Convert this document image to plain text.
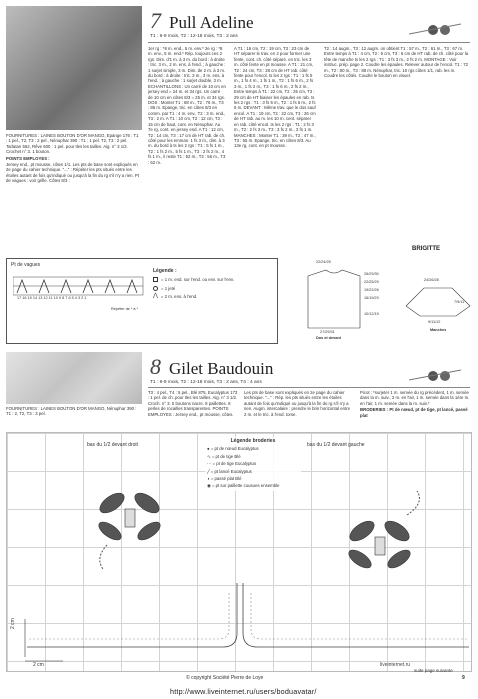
7 Pull Adeline
T1 : 6-9 mois, T2 : 12-18 mois, T3 : 2 ans

FOURNITURES : LAINES BOUTON D'OR MANGO, Epange 176 : T1 : 1 pel., T2, T3 : 2 pel., Nénuphar 390 : T1 : 1 pel. T2, T3 : 2 pel. Tarlatan 562, Rêve 500 : 1 pel. pour tles les tailles. Aig. n° 3 1/2. Crochet n° 3. 1 bouton.

POINTS EMPLOYES :

Jersey end., pt mousse, côtes 1/1. Les pts de base sont expliqués en 2e page du cahier technique. "..." : Répéter les pts situés entre les étoiles autant de fois qu'indiqué ou jusqu'à la fin du rg s'il n'y a rien. Pt de vagues : voir grille. Côtes 8/3 :

1er rg : *8 m. end., 5 m. env.* 2e rg : *8 m. env., 5 m. end.* Rép. toujours ces 2 rgs. Dim. d'1 m. à 3 m. du bord : à droite : tric. 3 m., 2 m. ens. à l'end. ; à gauche : 1 surjet simple, 3 m. Dim. de 2 m. à 3 m. du bord : à droite : tric. 3 m., 3 m. ens. à l'end. ; à gauche : 1 surjet double, 3 m. ECHANTILLONS : Un carré de 10 cm en jersey end = 24 m. et 34 rgs. Un carré de 10 cm en côtes 8/3 = 25 m. et 34 rgs. DOS : Monter T1 : 68 m., T2 : 76 m., T3 : 86 m. Epange, tric. en côtes 8/3 en comm. par T1 : 4 m. env., T2 : 3 m. end., T3 : 2 m. A T1 : 10 cm, T2 : 12 cm, T3 : 15 cm de haut, cont. en Nénuphar. Au 7e rg, cont. en jersey end. A T1 : 12 cm, T2 : 14 cm, T3 : 17 cm de HT rab. de ch. côté pour les emman. 1 fs 3 m., dim. à 3 m. du bord à ts les 2 rgs : T1 : 5 fs 1 m., T2 : 1 fs 2 m., 5 fs 1 m., T3 : 2 fs 2 m., 4 fs 1 m., il reste T1 : 52 m., T2 : 56 m., T3 : 62 m.

A T1 : 16 cm, T2 : 19 cm, T3 : 23 cm de HT séparer le trav. en 2 pour former une fente, cont. ch. côté séparé. en tric. les 3 m. côté fente en pt mousse. A T1 : 21 cm, T2 : 24 cm, T3 : 28 cm de HT rab. côté fente pour l'encol. ts les 2 rgs : T1 : 1 fs 5 m., 1 fs 4 m., 1 fs 1 m., T2 : 1 fs 6 m., 2 fs 3 m., 1 fs 2 m., T3 : 1 fs 6 m., 2 fs 2 m., Entre temps à T1 : 22 cm, T2 : 25 cm, T3 : 29 cm de HT biaiser les épaules en rab. ts les 2 rgs : T1 : 3 fs 5 m., T2 : 1 fs 6 m., 2 fs 5 m. DEVANT : Même trav. que le dos sauf encol. A T1 : 19 cm, T2 : 22 cm, T3 : 26 cm de HT rab. au m. les 10 m. cent. séparer en rab. côté encol. ts les 2 rgs : T1 : 2 fs 3 m., T2 : 2 fs 3 m., T3 : 3 fs 2 m., 3 fs 1 m. MANCHES : Monter T1 : 39 m., T2 : 47 m., T3 : 55 m. Epange, tric. en côtes 8/3. Au 13e rg, cont. en pt mousse.

T2 : 14 augm., T3 : 12 augm. on obtient T1 : 57 m., T2 : 61 m., T3 : 67 m. Entre temps à T1 : 4 cm, T2 : 5 cm, T3 : 6 cm de HT rab. de ch. côté pour la tête de manche ts les 2 rgs : T1 : 3 fs 3 m., 2 fs 2 m. MONTAGE : Voir instruc. prép. page 2. Coudre les épaules. Relever autour de l'encol. T1 : 72 m., T2 : 80 m., T3 : 88 m. Nénuphar, tric. 10 rgs côtes 1/1, rab. les m. Coudre les côtés. Coudre le bouton en visuel.

BRIGITTE
Pt de vagues
17 16 15 14 13 12 11 10 9 8 7 6 5 4 3 2 1
Répéter de * à *
Légende :
= 1 m. end. sur l'end. ou env. sur l'env.
= 1 jeté
⋀ = 2 m. ens. à l'end.
22/24/25
26/29/30
22/25/29
19/22/26
16/19/23
10/12/15
27/29/31
Dos et devant
24/26/28
7/9/11
9/11/12
Manches
8 Gilet Baudouin
T1 : 6-9 mois, T2 : 12-18 mois, T3 : 2 ans, T4 : 4 ans

FOURNITURES : LAINES BOUTON D'OR MANGO, Nénuphar 390 : T1 : 2, T2, T3 : 3 pel.

T3 : 4 pel., T4 : 5 pel., Blé 875, Eucalyptus 173 : 1 pel. de ch. pour tles les tailles. Aig. n° 3 1/2. Croch. n° 3. 5 boutons nacre. 8 paillettes. 8 perles de rocailles transparentes. POINTS EMPLOYES : Jersey end., pt mousse, côtes.

Les pts de base sont expliqués en 2e page du cahier technique. "..." : Rép. les pts situés entre les étoiles autant de fois qu'indiqué ou jusqu'à la fin du rg s'il n'y a rien. Augm. intercalaire : prendre le brin horizontal entre 2 m. et le tric. à l'end. torse.

Picot : *surjeter 1 m. semée du rg précédent, 1 m. semée dans la m. suiv., 3 m. en l'air, 1 m. semée dans la 1ère m. en l'air, 1 m. semée dans la m. suiv.*

BRODERIES : Pt de nœud, pt de tige, pt lancé, passé plat

bas du 1/2 devant droit	bas du 1/2 devant gauche
Légende broderies
● = pt de nœud Eucalyptus
∿ = pt de tige Blé
⋯ = pt de tige Eucalyptus
╱ = pt lancé Eucalyptus
◖ = passé plat Blé
◉ = pt sur paillette cousues ensemble
2 cm
2 cm
© copyright Société Pierre de Loye
suite page suivante
9
liveinternet.ru
http://www.liveinternet.ru/users/boduavatar/
